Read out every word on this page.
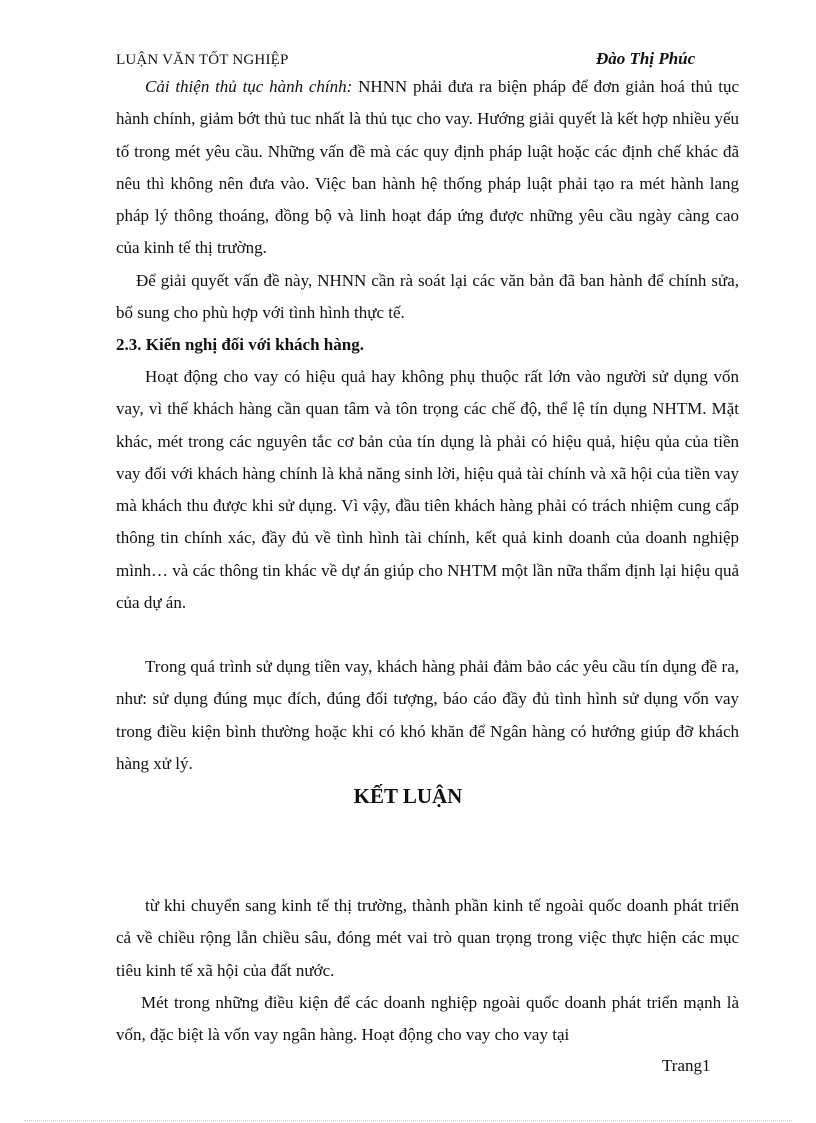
LUẬN VĂN TỐT NGHIỆP	Đào Thị Phúc

Cải thiện thủ tục hành chính: NHNN phải đưa ra biện pháp để đơn giản hoá thủ tục hành chính, giảm bớt thủ tuc nhất là thủ tục cho vay. Hướng giải quyết là kết hợp nhiều yếu tố trong mét yêu cầu. Những vấn đề mà các quy định pháp luật hoặc các định chế khác đã nêu thì không nên đưa vào. Việc ban hành hệ thống pháp luật phải tạo ra mét hành lang pháp lý thông thoáng, đồng bộ và linh hoạt đáp ứng được những yêu cầu ngày càng cao của kinh tế thị trường.

Để giải quyết vấn đề này, NHNN cần rà soát lại các văn bản đã ban hành để chính sửa, bổ sung cho phù hợp với tình hình thực tế.

2.3. Kiến nghị đối với khách hàng.

Hoạt động cho vay có hiệu quả hay không phụ thuộc rất lớn vào người sử dụng vốn vay, vì thế khách hàng cần quan tâm và tôn trọng các chế độ, thể lệ tín dụng NHTM. Mặt khác, mét trong các nguyên tắc cơ bản của tín dụng là phải có hiệu quả, hiệu qủa của tiền vay đối với khách hàng chính là khả năng sinh lời, hiệu quả tài chính và xã hội của tiền vay mà khách thu được khi sử dụng. Vì vậy, đầu tiên khách hàng phải có trách nhiệm cung cấp thông tin chính xác, đầy đủ về tình hình tài chính, kết quả kinh doanh của doanh nghiệp mình… và các thông tin khác về dự án giúp cho NHTM một lần nữa thẩm định lại hiệu quả của dự án.

Trong quá trình sử dụng tiền vay, khách hàng phải đảm bảo các yêu cầu tín dụng đề ra, như: sử dụng đúng mục đích, đúng đối tượng, báo cáo đầy đủ tình hình sử dụng vốn vay trong điều kiện bình thường hoặc khi có khó khăn để Ngân hàng có hướng giúp đỡ khách hàng xử lý.

KẾT LUẬN

từ khi chuyển sang kinh tế thị trường, thành phần kinh tế ngoài quốc doanh phát triển cả về chiều rộng lẫn chiều sâu, đóng mét vai trò quan trọng trong việc thực hiện các mục tiêu kinh tế xã hội của đất nước.

Mét trong những điều kiện để các doanh nghiệp ngoài quốc doanh phát triển mạnh là vốn, đặc biệt là vốn vay ngân hàng. Hoạt động cho vay cho vay tại

Trang1
